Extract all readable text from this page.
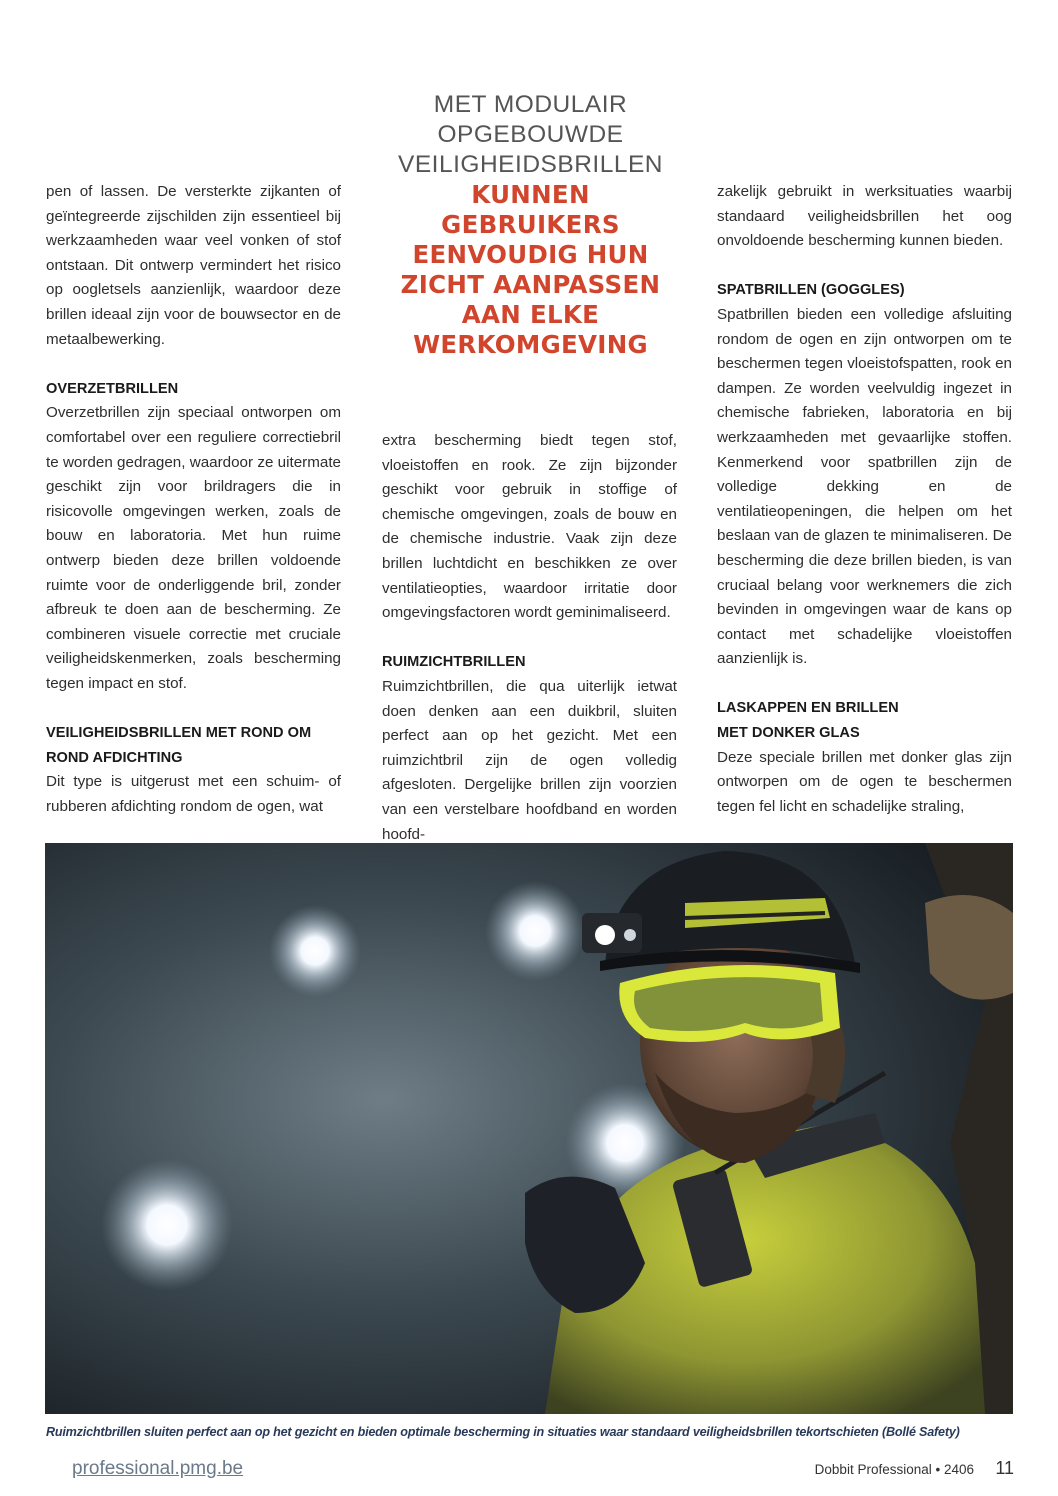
MET MODULAIR
OPGEBOUWDE
VEILIGHEIDSBRILLEN
KUNNEN
GEBRUIKERS
EENVOUDIG HUN
ZICHT AANPASSEN
AAN ELKE
WERKOMGEVING

pen of lassen. De versterkte zijkanten of geïntegreerde zijschilden zijn essentieel bij werkzaamheden waar veel vonken of stof ontstaan. Dit ontwerp vermindert het risico op oogletsels aanzienlijk, waardoor deze brillen ideaal zijn voor de bouwsector en de metaalbewerking.

OVERZETBRILLEN

Overzetbrillen zijn speciaal ontworpen om comfortabel over een reguliere correctiebril te worden gedragen, waardoor ze uitermate geschikt zijn voor brildragers die in risicovolle omgevingen werken, zoals de bouw en laboratoria. Met hun ruime ontwerp bieden deze brillen voldoende ruimte voor de onderliggende bril, zonder afbreuk te doen aan de bescherming. Ze combineren visuele correctie met cruciale veiligheidskenmerken, zoals bescherming tegen impact en stof.

VEILIGHEIDSBRILLEN MET ROND OM
ROND AFDICHTING

Dit type is uitgerust met een schuim- of rubberen afdichting rondom de ogen, wat

extra bescherming biedt tegen stof, vloeistoffen en rook. Ze zijn bijzonder geschikt voor gebruik in stoffige of chemische omgevingen, zoals de bouw en de chemische industrie. Vaak zijn deze brillen luchtdicht en beschikken ze over ventilatieopties, waardoor irritatie door omgevingsfactoren wordt geminimaliseerd.

RUIMZICHTBRILLEN

Ruimzichtbrillen, die qua uiterlijk ietwat doen denken aan een duikbril, sluiten perfect aan op het gezicht. Met een ruimzichtbril zijn de ogen volledig afgesloten. Dergelijke brillen zijn voorzien van een verstelbare hoofdband en worden hoofd-

zakelijk gebruikt in werksituaties waarbij standaard veiligheidsbrillen het oog onvoldoende bescherming kunnen bieden.

SPATBRILLEN (GOGGLES)

Spatbrillen bieden een volledige afsluiting rondom de ogen en zijn ontworpen om te beschermen tegen vloeistofspatten, rook en dampen. Ze worden veelvuldig ingezet in chemische fabrieken, laboratoria en bij werkzaamheden met gevaarlijke stoffen. Kenmerkend voor spatbrillen zijn de volledige dekking en de ventilatieopeningen, die helpen om het beslaan van de glazen te minimaliseren. De bescherming die deze brillen bieden, is van cruciaal belang voor werknemers die zich bevinden in omgevingen waar de kans op contact met schadelijke vloeistoffen aanzienlijk is.

LASKAPPEN EN BRILLEN
MET DONKER GLAS

Deze speciale brillen met donker glas zijn ontworpen om de ogen te beschermen tegen fel licht en schadelijke straling,

Ruimzichtbrillen sluiten perfect aan op het gezicht en bieden optimale bescherming in situaties waar standaard veiligheidsbrillen tekortschieten (Bollé Safety)
professional.pmg.be	Dobbit Professional • 2406 11
